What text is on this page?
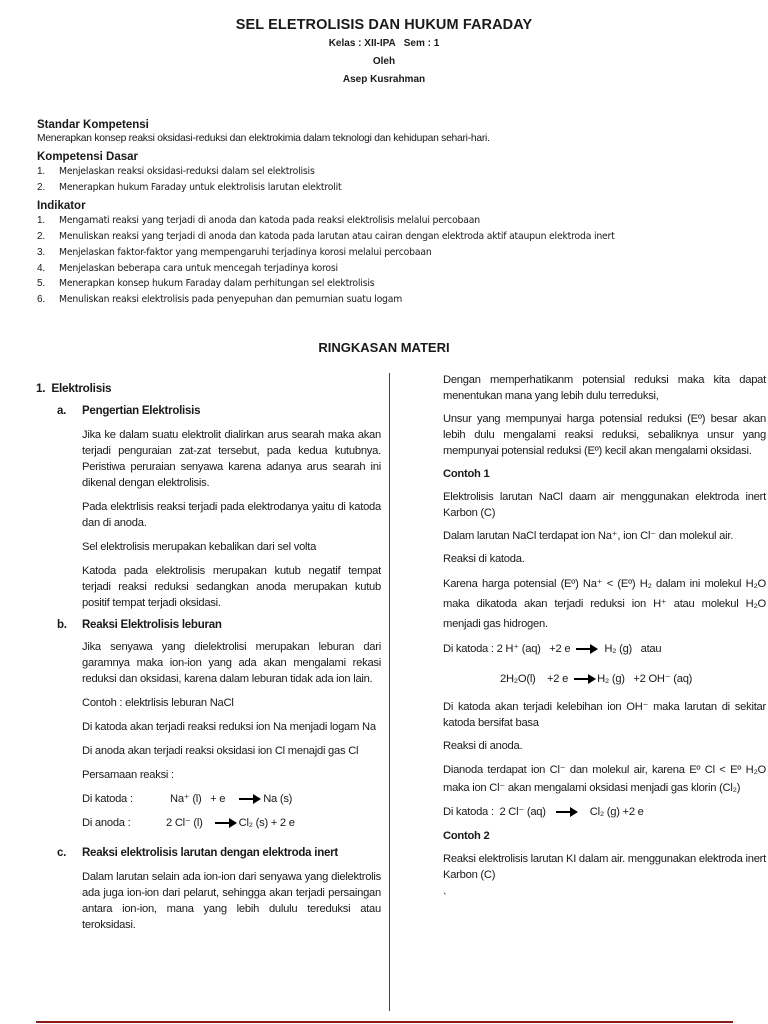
SEL ELETROLISIS DAN HUKUM FARADAY
Kelas : XII-IPA   Sem : 1
Oleh
Asep Kusrahman
Standar Kompetensi
Menerapkan konsep reaksi oksidasi-reduksi dan elektrokimia dalam teknologi dan kehidupan sehari-hari.
Kompetensi Dasar
1.	Menjelaskan reaksi oksidasi-reduksi dalam sel elektrolisis
2.	Menerapkan hukum Faraday untuk elektrolisis larutan elektrolit
Indikator
1.	Mengamati reaksi yang terjadi di anoda dan katoda pada reaksi elektrolisis melalui percobaan
2.	Menuliskan reaksi yang terjadi di anoda dan katoda pada larutan atau cairan dengan elektroda aktif ataupun elektroda inert
3.	Menjelaskan faktor-faktor yang mempengaruhi terjadinya korosi melalui percobaan
4.	Menjelaskan beberapa cara untuk mencegah terjadinya korosi
5.	Menerapkan konsep hukum Faraday dalam perhitungan sel elektrolisis
6.	Menuliskan reaksi elektrolisis pada penyepuhan dan pemurnian suatu logam
RINGKASAN MATERI
1.  Elektrolisis
a.	Pengertian Elektrolisis

Jika ke dalam suatu elektrolit dialirkan arus searah maka akan terjadi penguraian zat-zat tersebut, pada kedua kutubnya. Peristiwa peruraian senyawa karena adanya arus searah ini dikenal dengan elektrolisis.

Pada elektrlisis reaksi terjadi pada elektrodanya yaitu di katoda dan di anoda.

Sel elektrolisis merupakan kebalikan dari sel volta

Katoda pada elektrolisis merupakan kutub negatif tempat terjadi reaksi reduksi sedangkan anoda merupakan kutub positif tempat terjadi oksidasi.

b.	Reaksi Elektrolisis leburan

Jika senyawa yang dielektrolisi merupakan leburan dari garamnya maka ion-ion yang ada akan mengalami rekasi reduksi dan oksidasi, karena dalam leburan tidak ada ion lain.

Contoh : elektrlisis leburan NaCl

Di katoda akan terjadi reaksi reduksi ion Na menjadi logam Na

Di anoda akan terjadi reaksi oksidasi ion Cl menajdi gas Cl

Persamaan reaksi :

Di katoda :	Na⁺ (l)   + e	Na (s)
Di anoda :	2 Cl⁻ (l)	Cl₂ (s) + 2 e
c.	Reaksi elektrolisis larutan dengan elektroda inert

Dalam larutan selain ada ion-ion dari senyawa yang dielektrolis ada juga ion-ion dari pelarut, sehingga akan terjadi persaingan antara ion-ion, mana yang lebih dululu tereduksi atau teroksidasi.

Dengan memperhatikanm potensial reduksi maka kita dapat menentukan mana yang lebih dulu terreduksi,

Unsur yang mempunyai harga potensial reduksi (Eº) besar akan lebih dulu mengalami reaksi reduksi, sebaliknya unsur yang mempunyai potensial reduksi (Eº) kecil akan mengalami oksidasi.

Contoh 1

Elektrolisis larutan NaCl daam air menggunakan elektroda inert Karbon (C)

Dalam larutan NaCl terdapat ion Na⁺, ion Cl⁻ dan molekul air.

Reaksi di katoda.

Karena harga potensial (Eº) Na⁺ < (Eº) H₂ dalam ini molekul H₂O maka dikatoda akan terjadi reduksi ion H⁺ atau molekul H₂O menjadi gas hidrogen.

Di katoda : 2 H⁺ (aq)   +2 e	H₂ (g)   atau
2H₂O(l)    +2 e	H₂ (g)   +2 OH⁻ (aq)

Di katoda akan terjadi kelebihan ion OH⁻ maka larutan di sekitar katoda bersifat basa

Reaksi di anoda.

Dianoda terdapat ion Cl⁻ dan molekul air, karena Eº Cl < Eº H₂O maka ion Cl⁻ akan mengalami oksidasi menjadi gas klorin (Cl₂)

Di katoda :  2 Cl⁻ (aq)	Cl₂ (g) +2 e

Contoh 2

Reaksi elektrolisis larutan KI dalam air. menggunakan elektroda inert Karbon (C)

`
